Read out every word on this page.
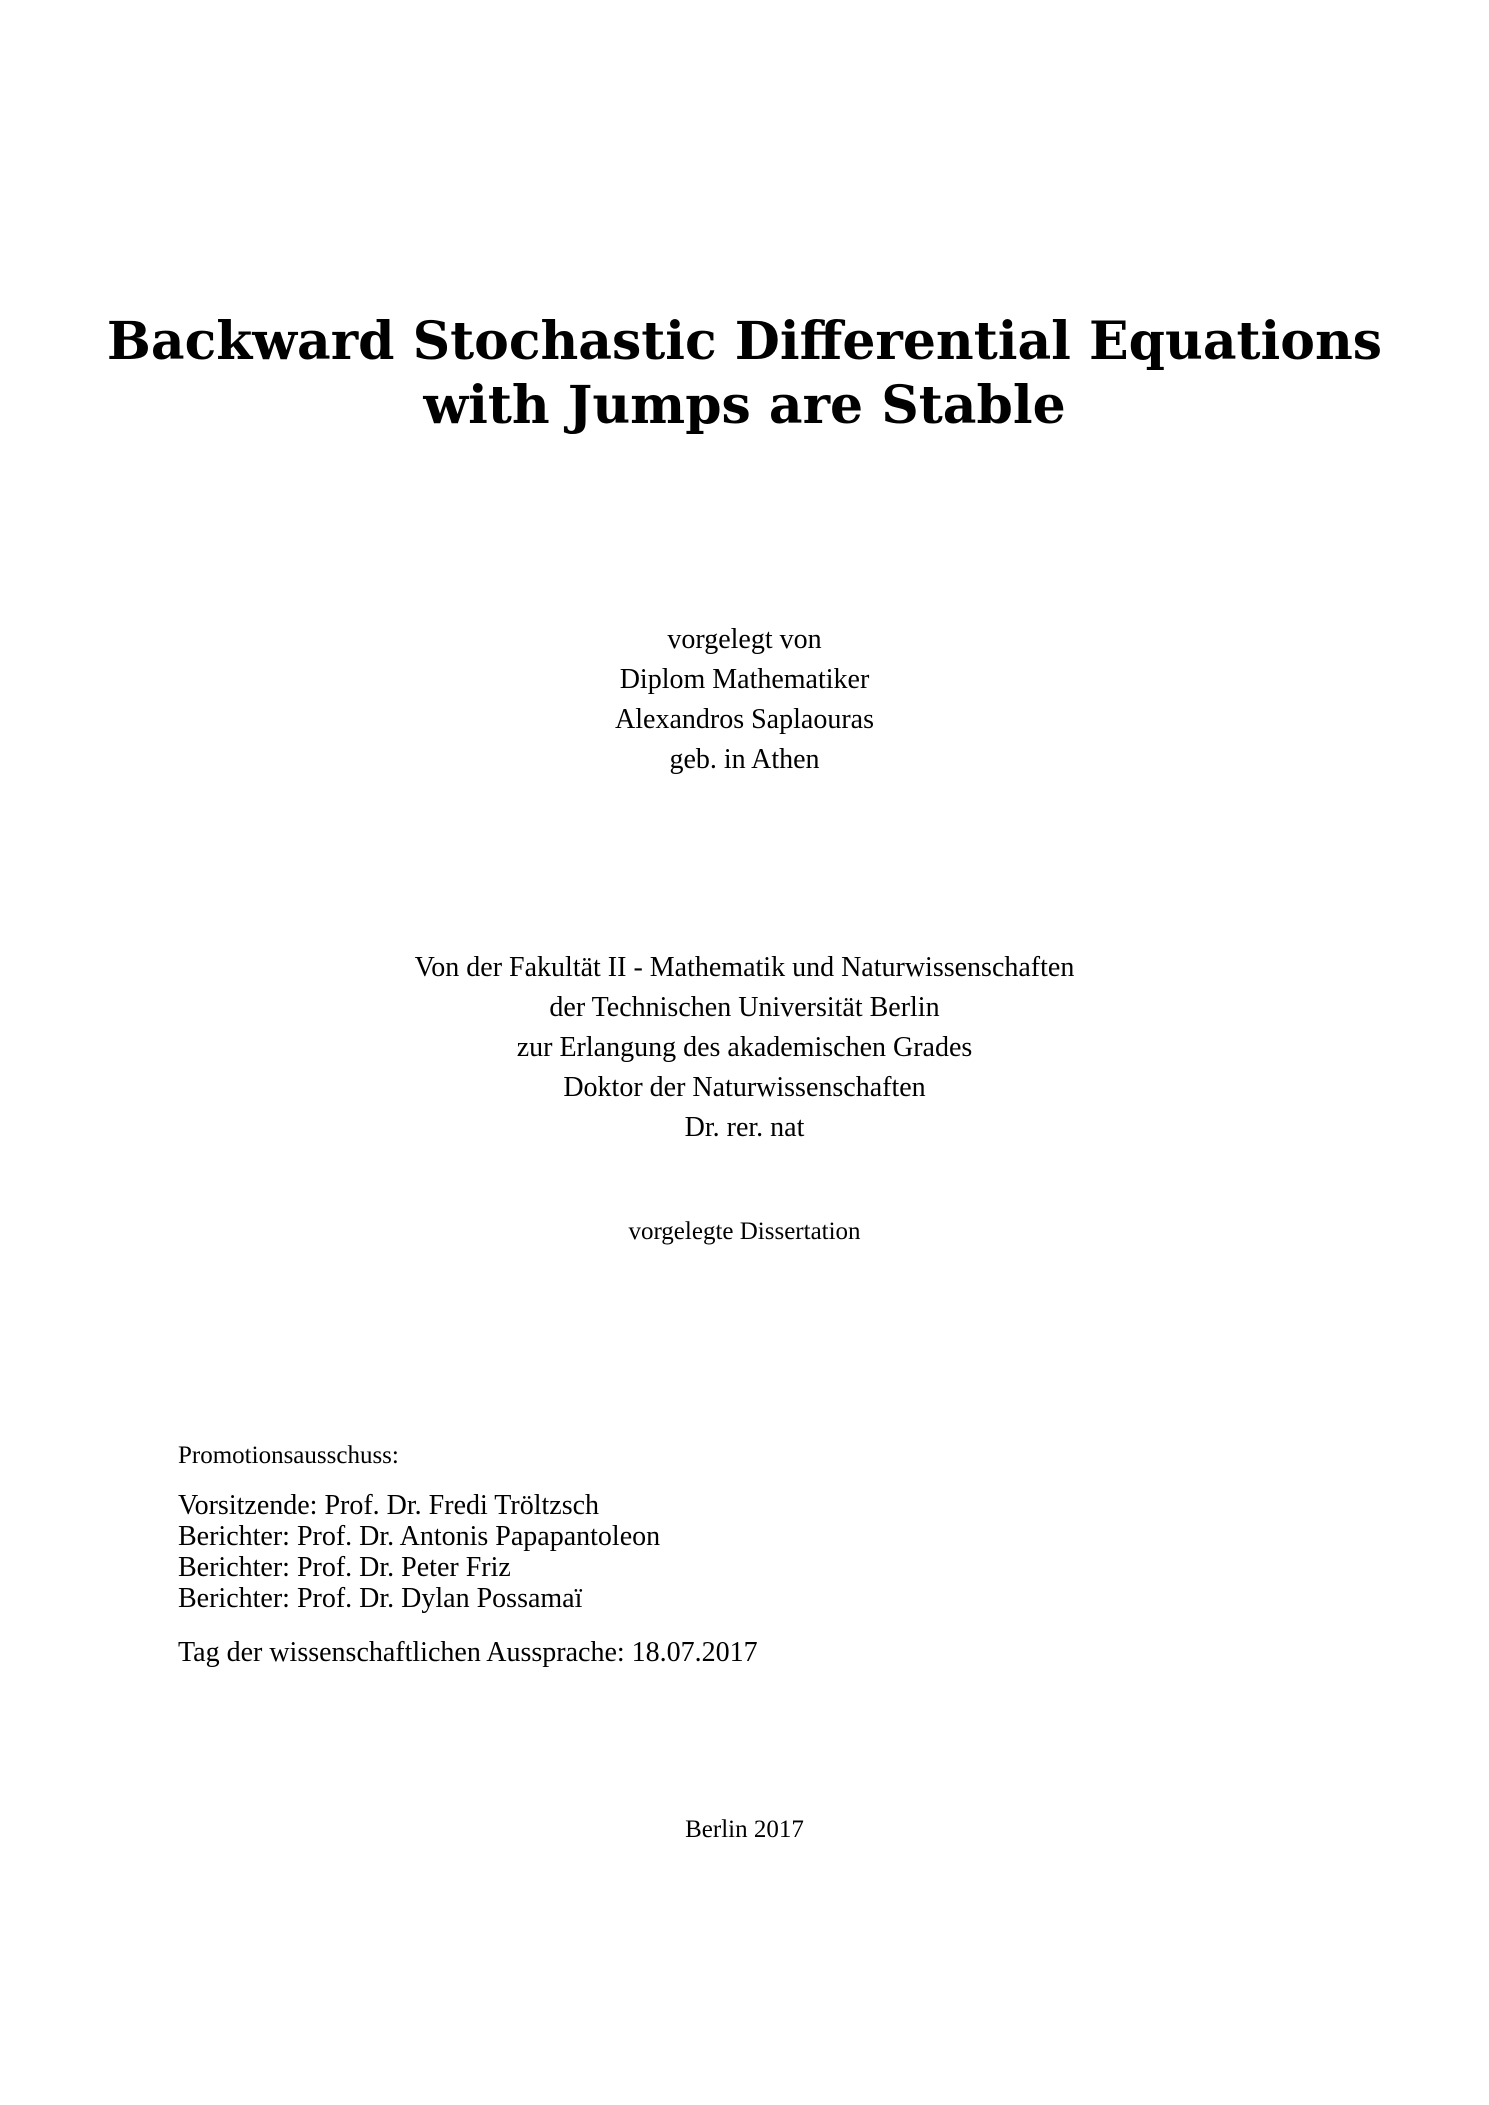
Backward Stochastic Differential Equations
with Jumps are Stable
vorgelegt von
Diplom Mathematiker
Alexandros Saplaouras
geb. in Athen
Von der Fakultät II - Mathematik und Naturwissenschaften
der Technischen Universität Berlin
zur Erlangung des akademischen Grades
Doktor der Naturwissenschaften
Dr. rer. nat
vorgelegte Dissertation
Promotionsausschuss:
Vorsitzende: Prof. Dr. Fredi Tröltzsch
Berichter: Prof. Dr. Antonis Papapantoleon
Berichter: Prof. Dr. Peter Friz
Berichter: Prof. Dr. Dylan Possamaï
Tag der wissenschaftlichen Aussprache: 18.07.2017
Berlin 2017
